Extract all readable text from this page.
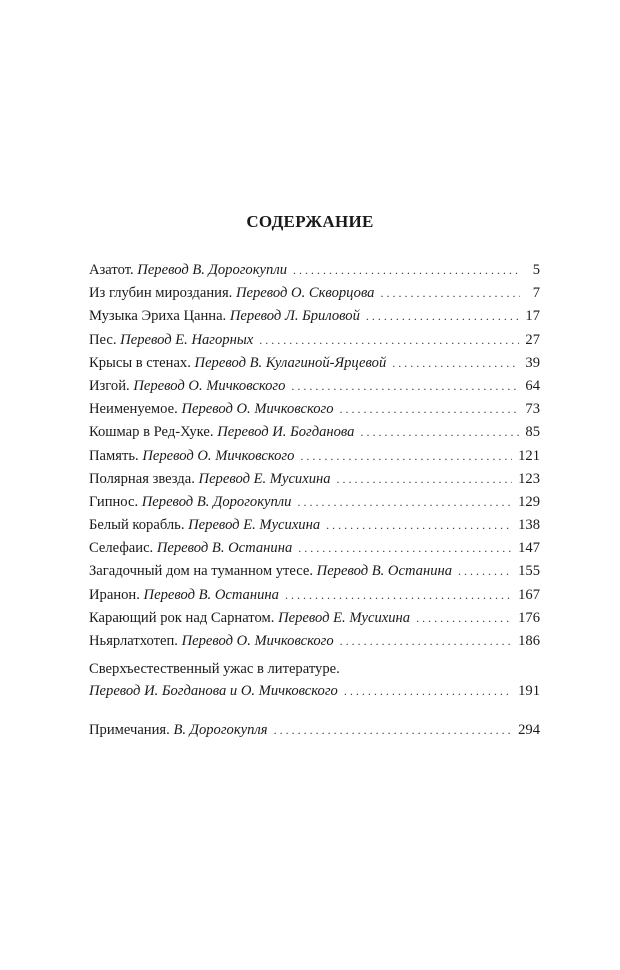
СОДЕРЖАНИЕ
Азатот. Перевод В. Дорогокупли . . .	5
Из глубин мироздания. Перевод О. Скворцова . . .	7
Музыка Эриха Цанна. Перевод Л. Бриловой . . .	17
Пес. Перевод Е. Нагорных . . .	27
Крысы в стенах. Перевод В. Кулагиной-Ярцевой . . .	39
Изгой. Перевод О. Мичковского . . .	64
Неименуемое. Перевод О. Мичковского . . .	73
Кошмар в Ред-Хуке. Перевод И. Богданова . . .	85
Память. Перевод О. Мичковского . . .	121
Полярная звезда. Перевод Е. Мусихина . . .	123
Гипнос. Перевод В. Дорогокупли . . .	129
Белый корабль. Перевод Е. Мусихина . . .	138
Селефаис. Перевод В. Останина . . .	147
Загадочный дом на туманном утесе. Перевод В. Останина . . .	155
Иранон. Перевод В. Останина . . .	167
Карающий рок над Сарнатом. Перевод Е. Мусихина . . .	176
Ньярлатхотеп. Перевод О. Мичковского . . .	186
Сверхъестественный ужас в литературе.
Перевод И. Богданова и О. Мичковского . . .	191
Примечания. В. Дорогокупля . . .	294
